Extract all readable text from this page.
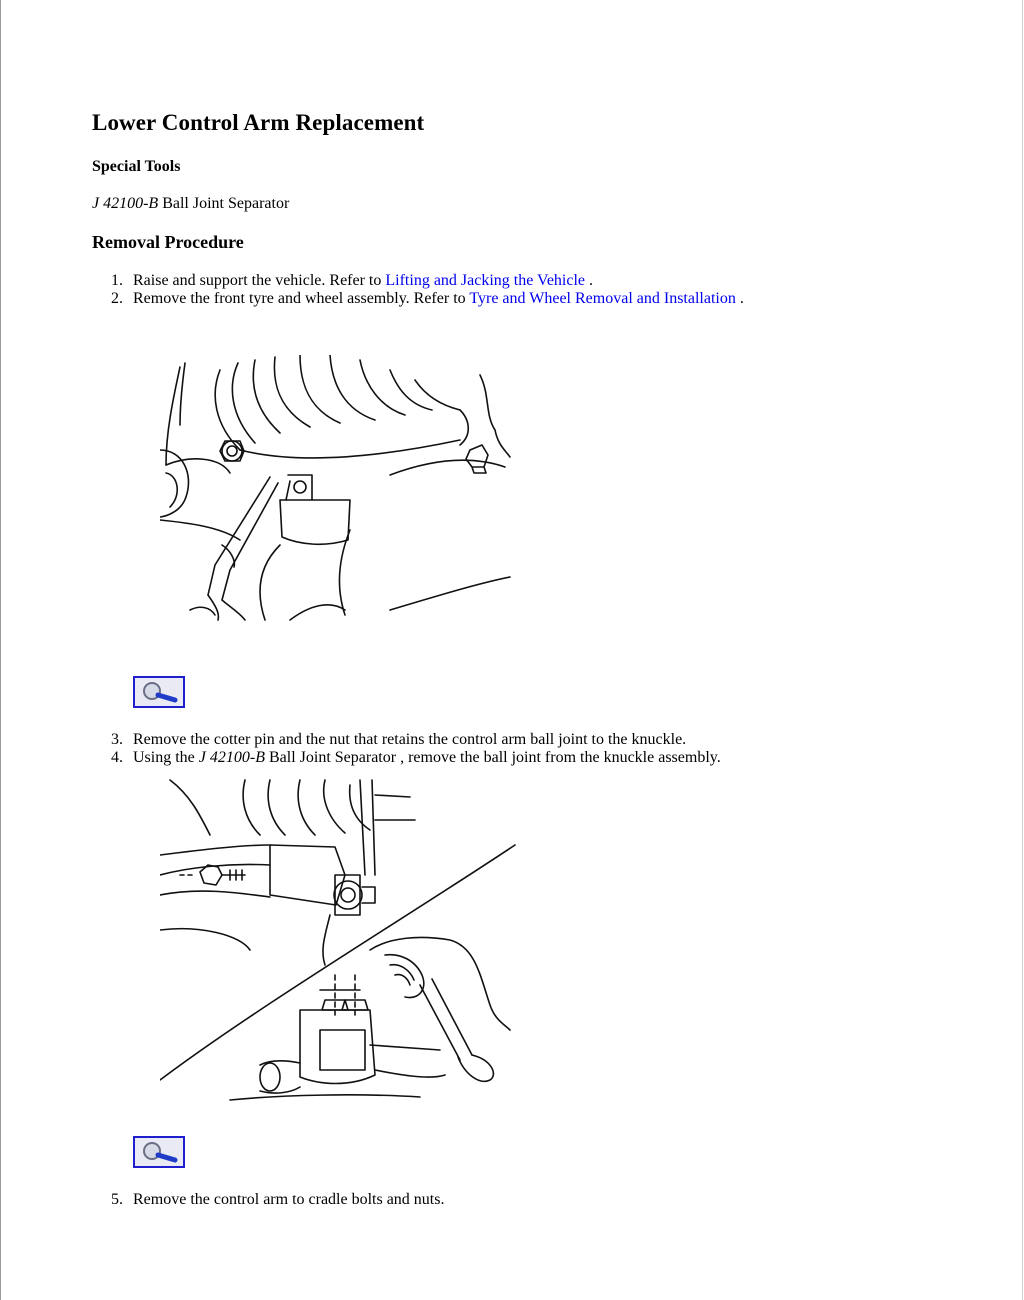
Lower Control Arm Replacement
Special Tools
J 42100-B Ball Joint Separator
Removal Procedure
1. Raise and support the vehicle. Refer to Lifting and Jacking the Vehicle .
2. Remove the front tyre and wheel assembly. Refer to Tyre and Wheel Removal and Installation .
3. Remove the cotter pin and the nut that retains the control arm ball joint to the knuckle.
4. Using the J 42100-B Ball Joint Separator , remove the ball joint from the knuckle assembly.
5. Remove the control arm to cradle bolts and nuts.
